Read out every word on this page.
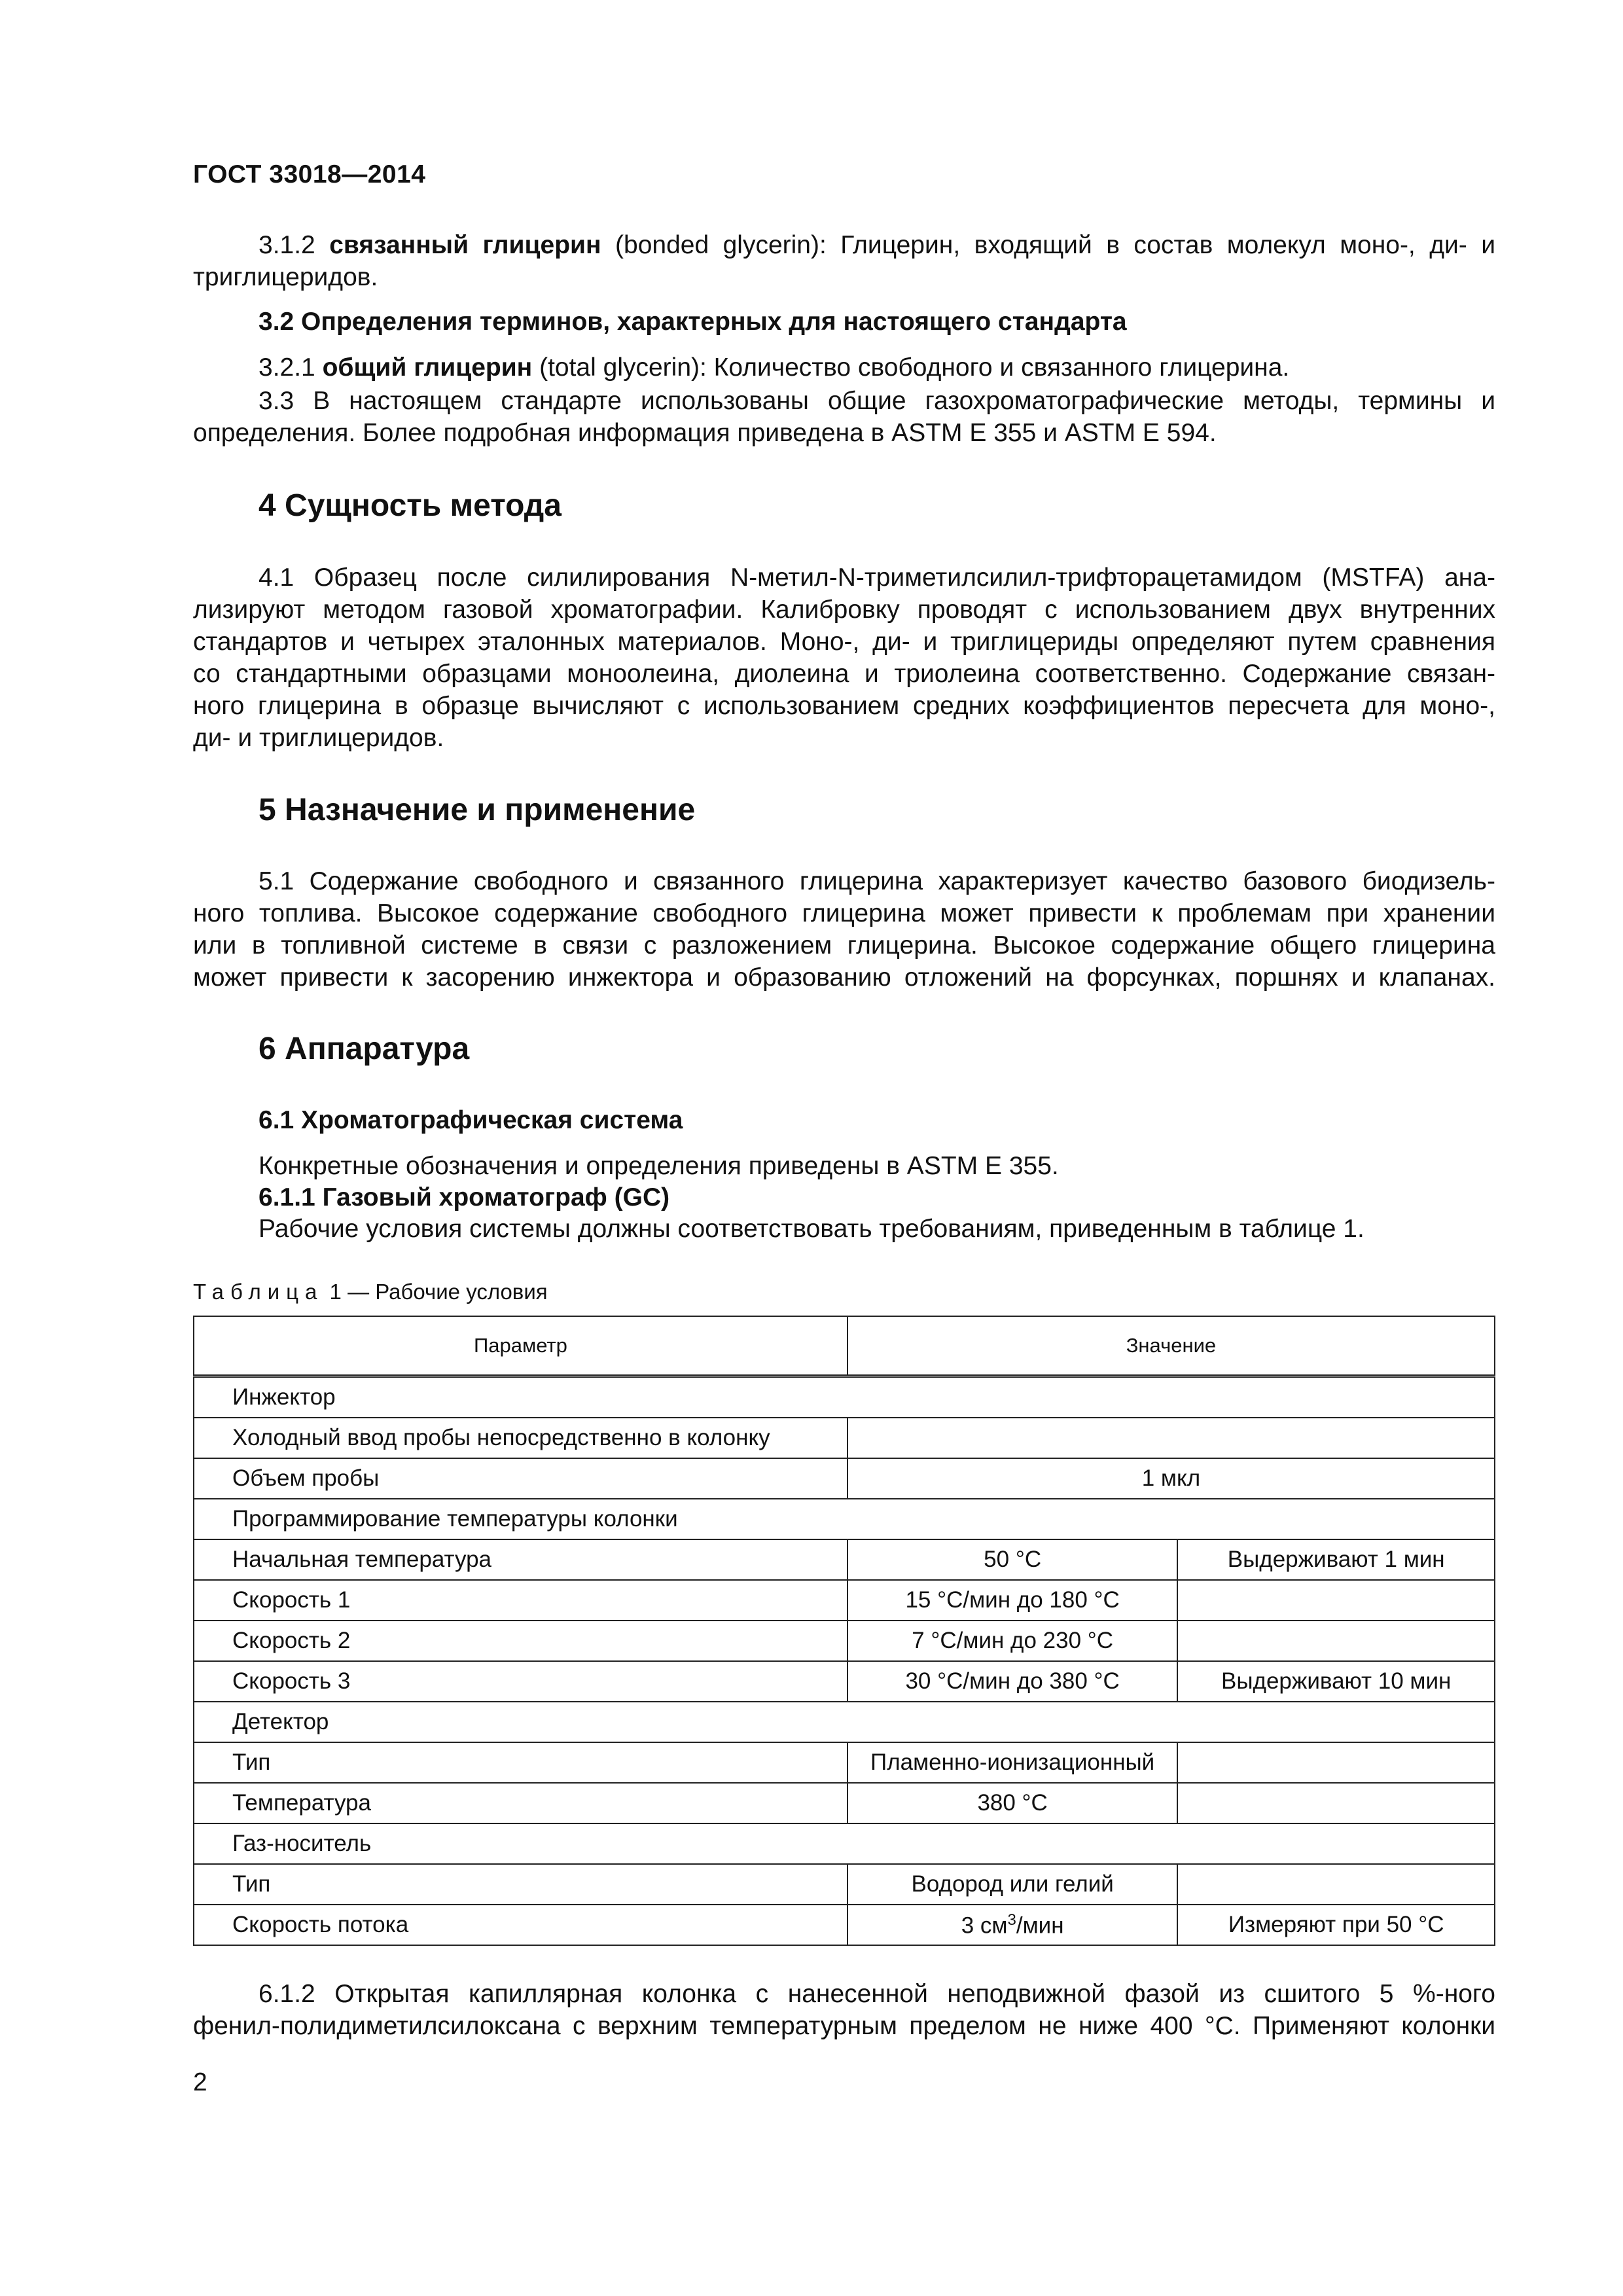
ГОСТ 33018—2014
3.1.2 связанный глицерин (bonded glycerin): Глицерин, входящий в состав молекул моно-, ди- и
триглицеридов.
3.2 Определения терминов, характерных для настоящего стандарта
3.2.1 общий глицерин (total glycerin): Количество свободного и связанного глицерина.
3.3 В настоящем стандарте использованы общие газохроматографические методы, термины и
определения. Более подробная информация приведена в ASTM E 355 и ASTM E 594.
4 Сущность метода
4.1 Образец после силилирования N-метил-N-триметилсилил-трифторацетамидом (MSTFA) ана-
лизируют методом газовой хроматографии. Калибровку проводят с использованием двух внутренних
стандартов и четырех эталонных материалов. Моно-, ди- и триглицериды определяют путем сравнения
со стандартными образцами моноолеина, диолеина и триолеина соответственно. Содержание связан-
ного глицерина в образце вычисляют с использованием средних коэффициентов пересчета для моно-,
ди- и триглицеридов.
5 Назначение и применение
5.1 Содержание свободного и связанного глицерина характеризует качество базового биодизель-
ного топлива. Высокое содержание свободного глицерина может привести к проблемам при хранении
или в топливной системе в связи с разложением глицерина. Высокое содержание общего глицерина
может привести к засорению инжектора и образованию отложений на форсунках, поршнях и клапанах.
6 Аппаратура
6.1 Хроматографическая система
Конкретные обозначения и определения приведены в ASTM E 355.
6.1.1 Газовый хроматограф (GC)
Рабочие условия системы должны соответствовать требованиям, приведенным в таблице 1.
Таблица 1 — Рабочие условия
Параметр	Значение	
Инжектор		
Холодный ввод пробы непосредственно в колонку		
Объем пробы	1 мкл	
Программирование температуры колонки		
Начальная температура	50 °С	Выдерживают 1 мин
Скорость 1	15 °С/мин до 180 °С	
Скорость 2	7 °С/мин до 230 °С	
Скорость 3	30 °С/мин до 380 °С	Выдерживают 10 мин
Детектор		
Тип	Пламенно-ионизационный	
Температура	380 °С	
Газ-носитель		
Тип	Водород или гелий	
Скорость потока	3 $см^3$/мин	Измеряют при 50 °С
6.1.2 Открытая капиллярная колонка с нанесенной неподвижной фазой из сшитого 5 %-ного
фенил-полидиметилсилоксана с верхним температурным пределом не ниже 400 °С. Применяют колонки
2
